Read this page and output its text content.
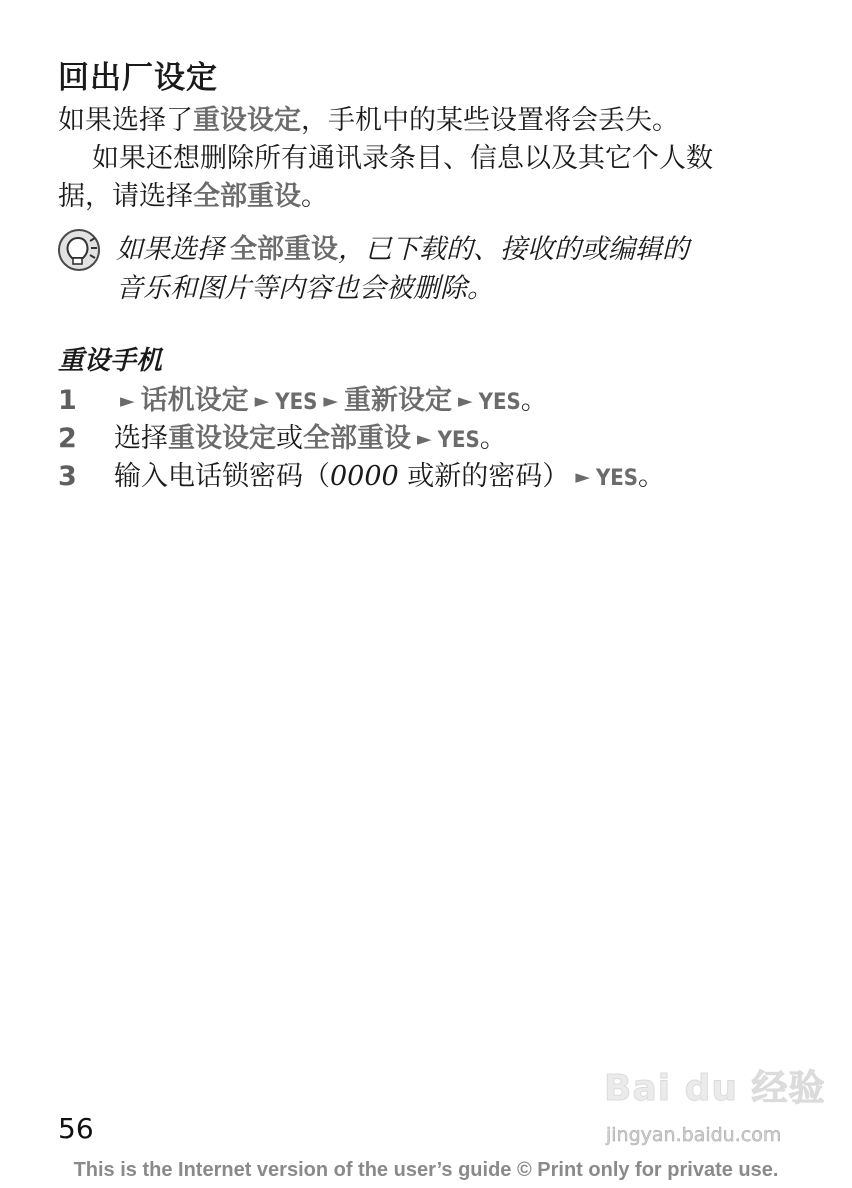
回出厂设定
如果选择了重设设定，手机中的某些设置将会丢失。
如果还想删除所有通讯录条目、信息以及其它个人数
据，请选择全部重设。
如果选择 全部重设，已下载的、接收的或编辑的
音乐和图片等内容也会被删除。
重设手机
1 ► 话机设定 ► YES ► 重新设定 ► YES。
2 选择重设设定或全部重设 ► YES。
3 输入电话锁密码（0000 或新的密码） ► YES。
Bai du 经验
jingyan.baidu.com
56
This is the Internet version of the user’s guide © Print only for private use.
